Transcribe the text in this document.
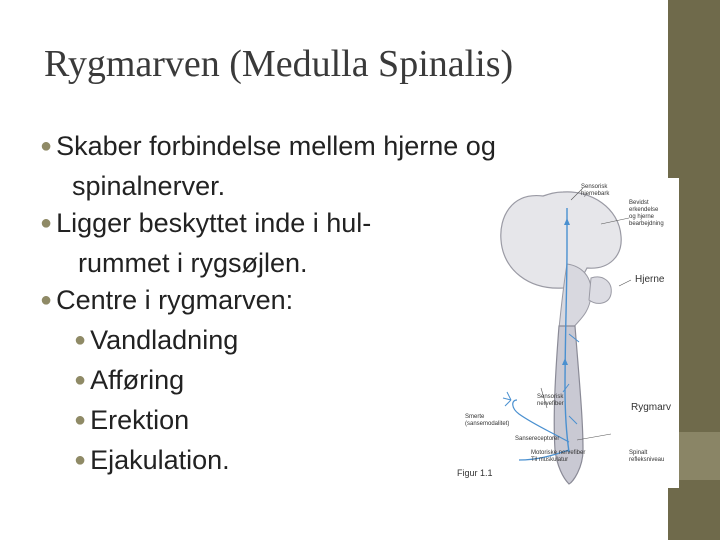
Rygmarven (Medulla Spinalis)
● Skaber forbindelse mellem hjerne og
spinalnerver.
● Ligger beskyttet inde i hul-
rummet i rygsøjlen.
● Centre i rygmarven:
● Vandladning
● Afføring
● Erektion
● Ejakulation.
Sensorisk
hjernebark
Bevidst
erkendelse
og hjerne
bearbejdning
Hjerne
Rygmarv
Sensorisk
nervefiber
Smerte
(sansemodalitet)
Sansereceptorer
Motoriske nervefiber
Til muskulatur
Spinalt
refleksniveau
Figur 1.1
